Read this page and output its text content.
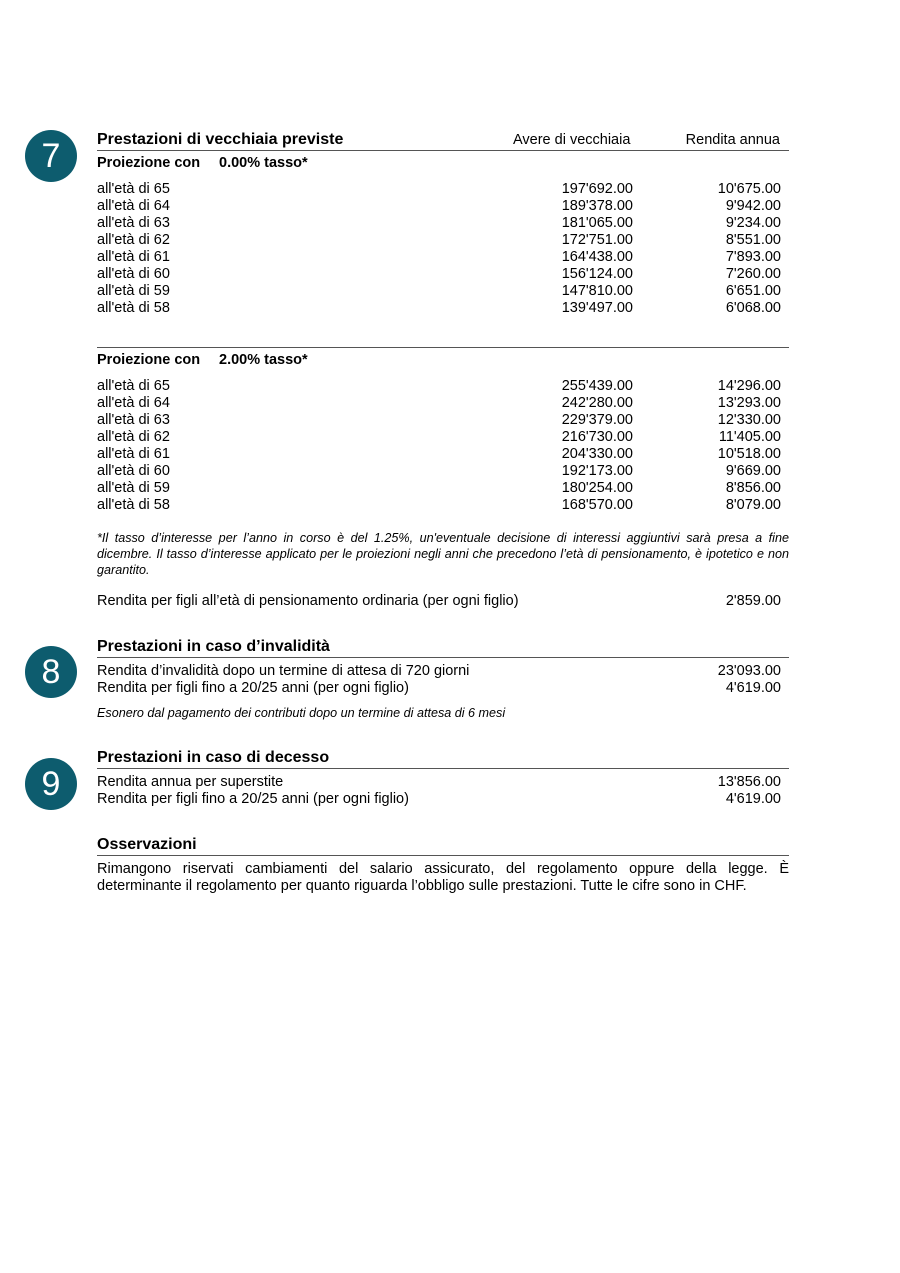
7
8
9
Prestazioni di vecchiaia previste	Avere di vecchiaia	Rendita annua
Proiezione con 0.00% tasso*
all'età di 65	197'692.00	10'675.00
all'età di 64	189'378.00	9'942.00
all'età di 63	181'065.00	9'234.00
all'età di 62	172'751.00	8'551.00
all'età di 61	164'438.00	7'893.00
all'età di 60	156'124.00	7'260.00
all'età di 59	147'810.00	6'651.00
all'età di 58	139'497.00	6'068.00
Proiezione con 2.00% tasso*
all'età di 65	255'439.00	14'296.00
all'età di 64	242'280.00	13'293.00
all'età di 63	229'379.00	12'330.00
all'età di 62	216'730.00	11'405.00
all'età di 61	204'330.00	10'518.00
all'età di 60	192'173.00	9'669.00
all'età di 59	180'254.00	8'856.00
all'età di 58	168'570.00	8'079.00
*Il tasso d’interesse per l’anno in corso è del 1.25%, un'eventuale decisione di interessi aggiuntivi sarà presa a fine dicembre. Il tasso d’interesse applicato per le proiezioni negli anni che precedono l’età di pensionamento, è ipotetico e non garantito.
Rendita per figli all’età di pensionamento ordinaria (per ogni figlio)	2'859.00
Prestazioni in caso d’invalidità
Rendita d’invalidità dopo un termine di attesa di 720 giorni	23'093.00
Rendita per figli fino a 20/25 anni (per ogni figlio)	4'619.00
Esonero dal pagamento dei contributi dopo un termine di attesa di 6 mesi
Prestazioni in caso di decesso
Rendita annua per superstite	13'856.00
Rendita per figli fino a 20/25 anni (per ogni figlio)	4'619.00
Osservazioni
Rimangono riservati cambiamenti del salario assicurato, del regolamento oppure della legge. È determinante il regolamento per quanto riguarda l’obbligo sulle prestazioni. Tutte le cifre sono in CHF.
